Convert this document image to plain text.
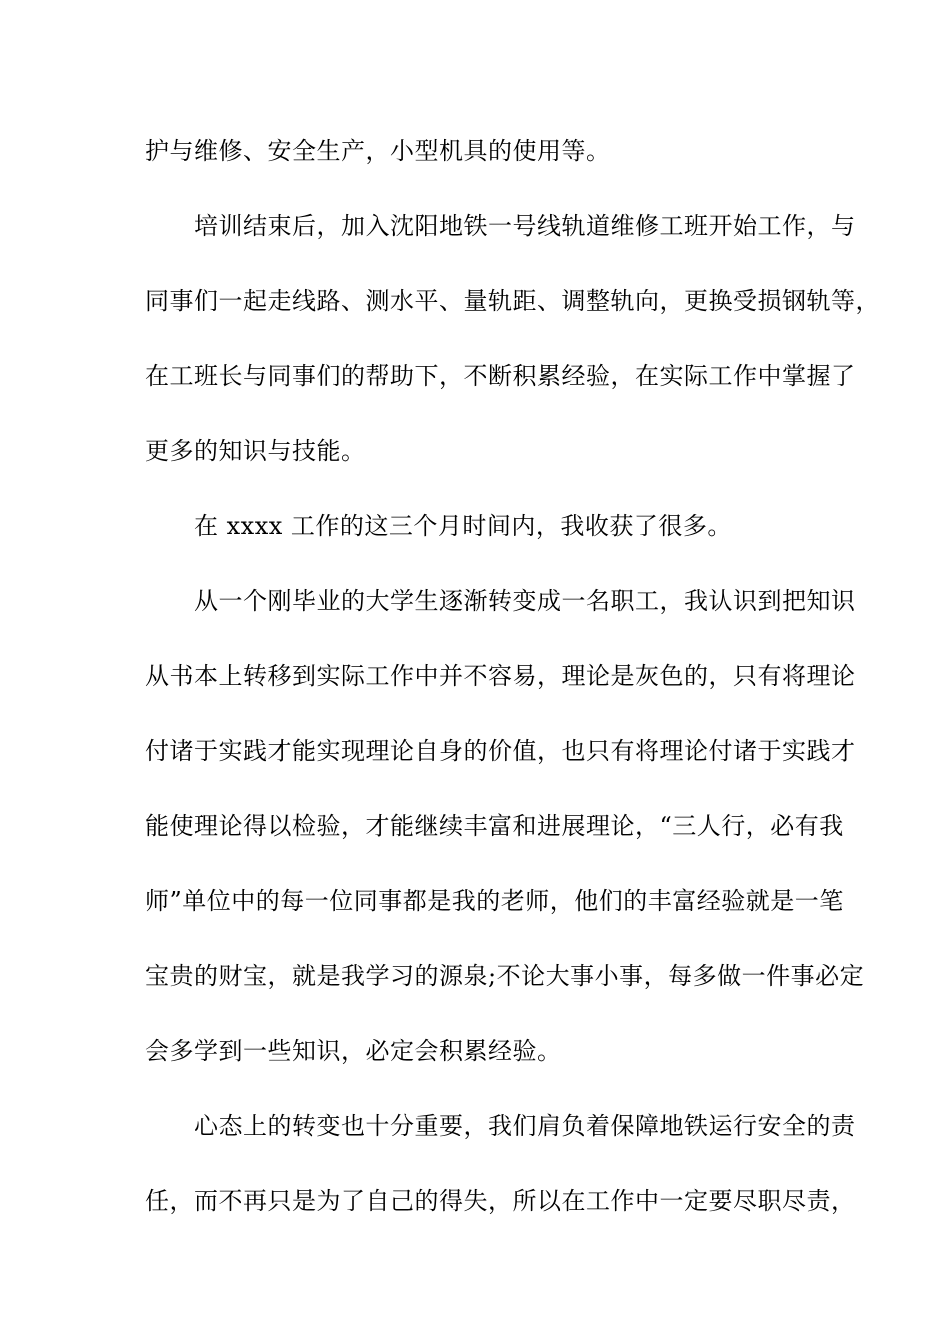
护与维修、安全生产，小型机具的使用等。
　　培训结束后，加入沈阳地铁一号线轨道维修工班开始工作，与
同事们一起走线路、测水平、量轨距、调整轨向，更换受损钢轨等，
在工班长与同事们的帮助下，不断积累经验，在实际工作中掌握了
更多的知识与技能。
　　在 xxxx 工作的这三个月时间内，我收获了很多。
　　从一个刚毕业的大学生逐渐转变成一名职工，我认识到把知识
从书本上转移到实际工作中并不容易，理论是灰色的，只有将理论
付诸于实践才能实现理论自身的价值，也只有将理论付诸于实践才
能使理论得以检验，才能继续丰富和进展理论，“三人行，必有我
师”单位中的每一位同事都是我的老师，他们的丰富经验就是一笔
宝贵的财宝，就是我学习的源泉;不论大事小事，每多做一件事必定
会多学到一些知识，必定会积累经验。
　　心态上的转变也十分重要，我们肩负着保障地铁运行安全的责
任，而不再只是为了自己的得失，所以在工作中一定要尽职尽责，
